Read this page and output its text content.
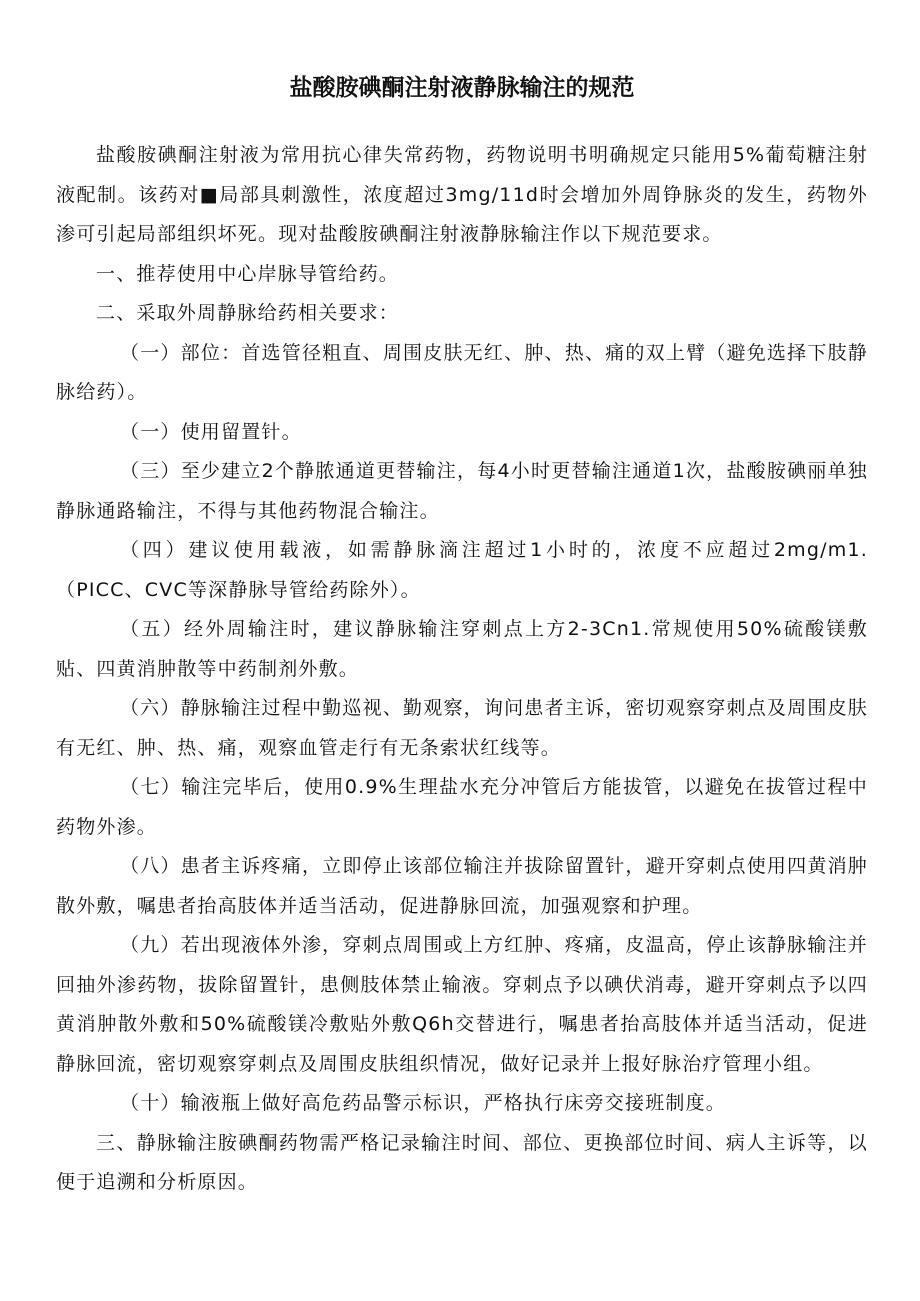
盐酸胺碘酮注射液静脉输注的规范

盐酸胺碘酮注射液为常用抗心律失常药物，药物说明书明确规定只能用5%葡萄糖注射液配制。该药对■局部具刺激性，浓度超过3mg/11d时会增加外周铮脉炎的发生，药物外渗可引起局部组织坏死。现对盐酸胺碘酮注射液静脉输注作以下规范要求。

一、推荐使用中心岸脉导管给药。

二、采取外周静脉给药相关要求：

（一）部位：首选管径粗直、周围皮肤无红、肿、热、痛的双上臂（避免选择下肢静脉给药）。

（一）使用留置针。

（三）至少建立2个静脓通道更替输注，每4小时更替输注通道1次，盐酸胺碘丽单独静脉通路输注，不得与其他药物混合输注。

（四）建议使用载液，如需静脉滴注超过1小时的，浓度不应超过2mg/m1.（PICC、CVC等深静脉导管给药除外）。

（五）经外周输注时，建议静脉输注穿刺点上方2-3Cn1.常规使用50%硫酸镁敷贴、四黄消肿散等中药制剂外敷。

（六）静脉输注过程中勤巡视、勤观察，询问患者主诉，密切观察穿刺点及周围皮肤有无红、肿、热、痛，观察血管走行有无条索状红线等。

（七）输注完毕后，使用0.9%生理盐水充分冲管后方能拔管，以避免在拔管过程中药物外渗。

（八）患者主诉疼痛，立即停止该部位输注并拔除留置针，避开穿刺点使用四黄消肿散外敷，嘱患者抬高肢体并适当活动，促进静脉回流，加强观察和护理。

（九）若出现液体外渗，穿刺点周围或上方红肿、疼痛，皮温高，停止该静脉输注并回抽外渗药物，拔除留置针，患侧肢体禁止输液。穿刺点予以碘伏消毒，避开穿刺点予以四黄消肿散外敷和50%硫酸镁冷敷贴外敷Q6h交替进行，嘱患者抬高肢体并适当活动，促进静脉回流，密切观察穿刺点及周围皮肤组织情况，做好记录并上报好脉治疗管理小组。

（十）输液瓶上做好高危药品警示标识，严格执行床旁交接班制度。

三、静脉输注胺碘酮药物需严格记录输注时间、部位、更换部位时间、病人主诉等，以便于追溯和分析原因。
